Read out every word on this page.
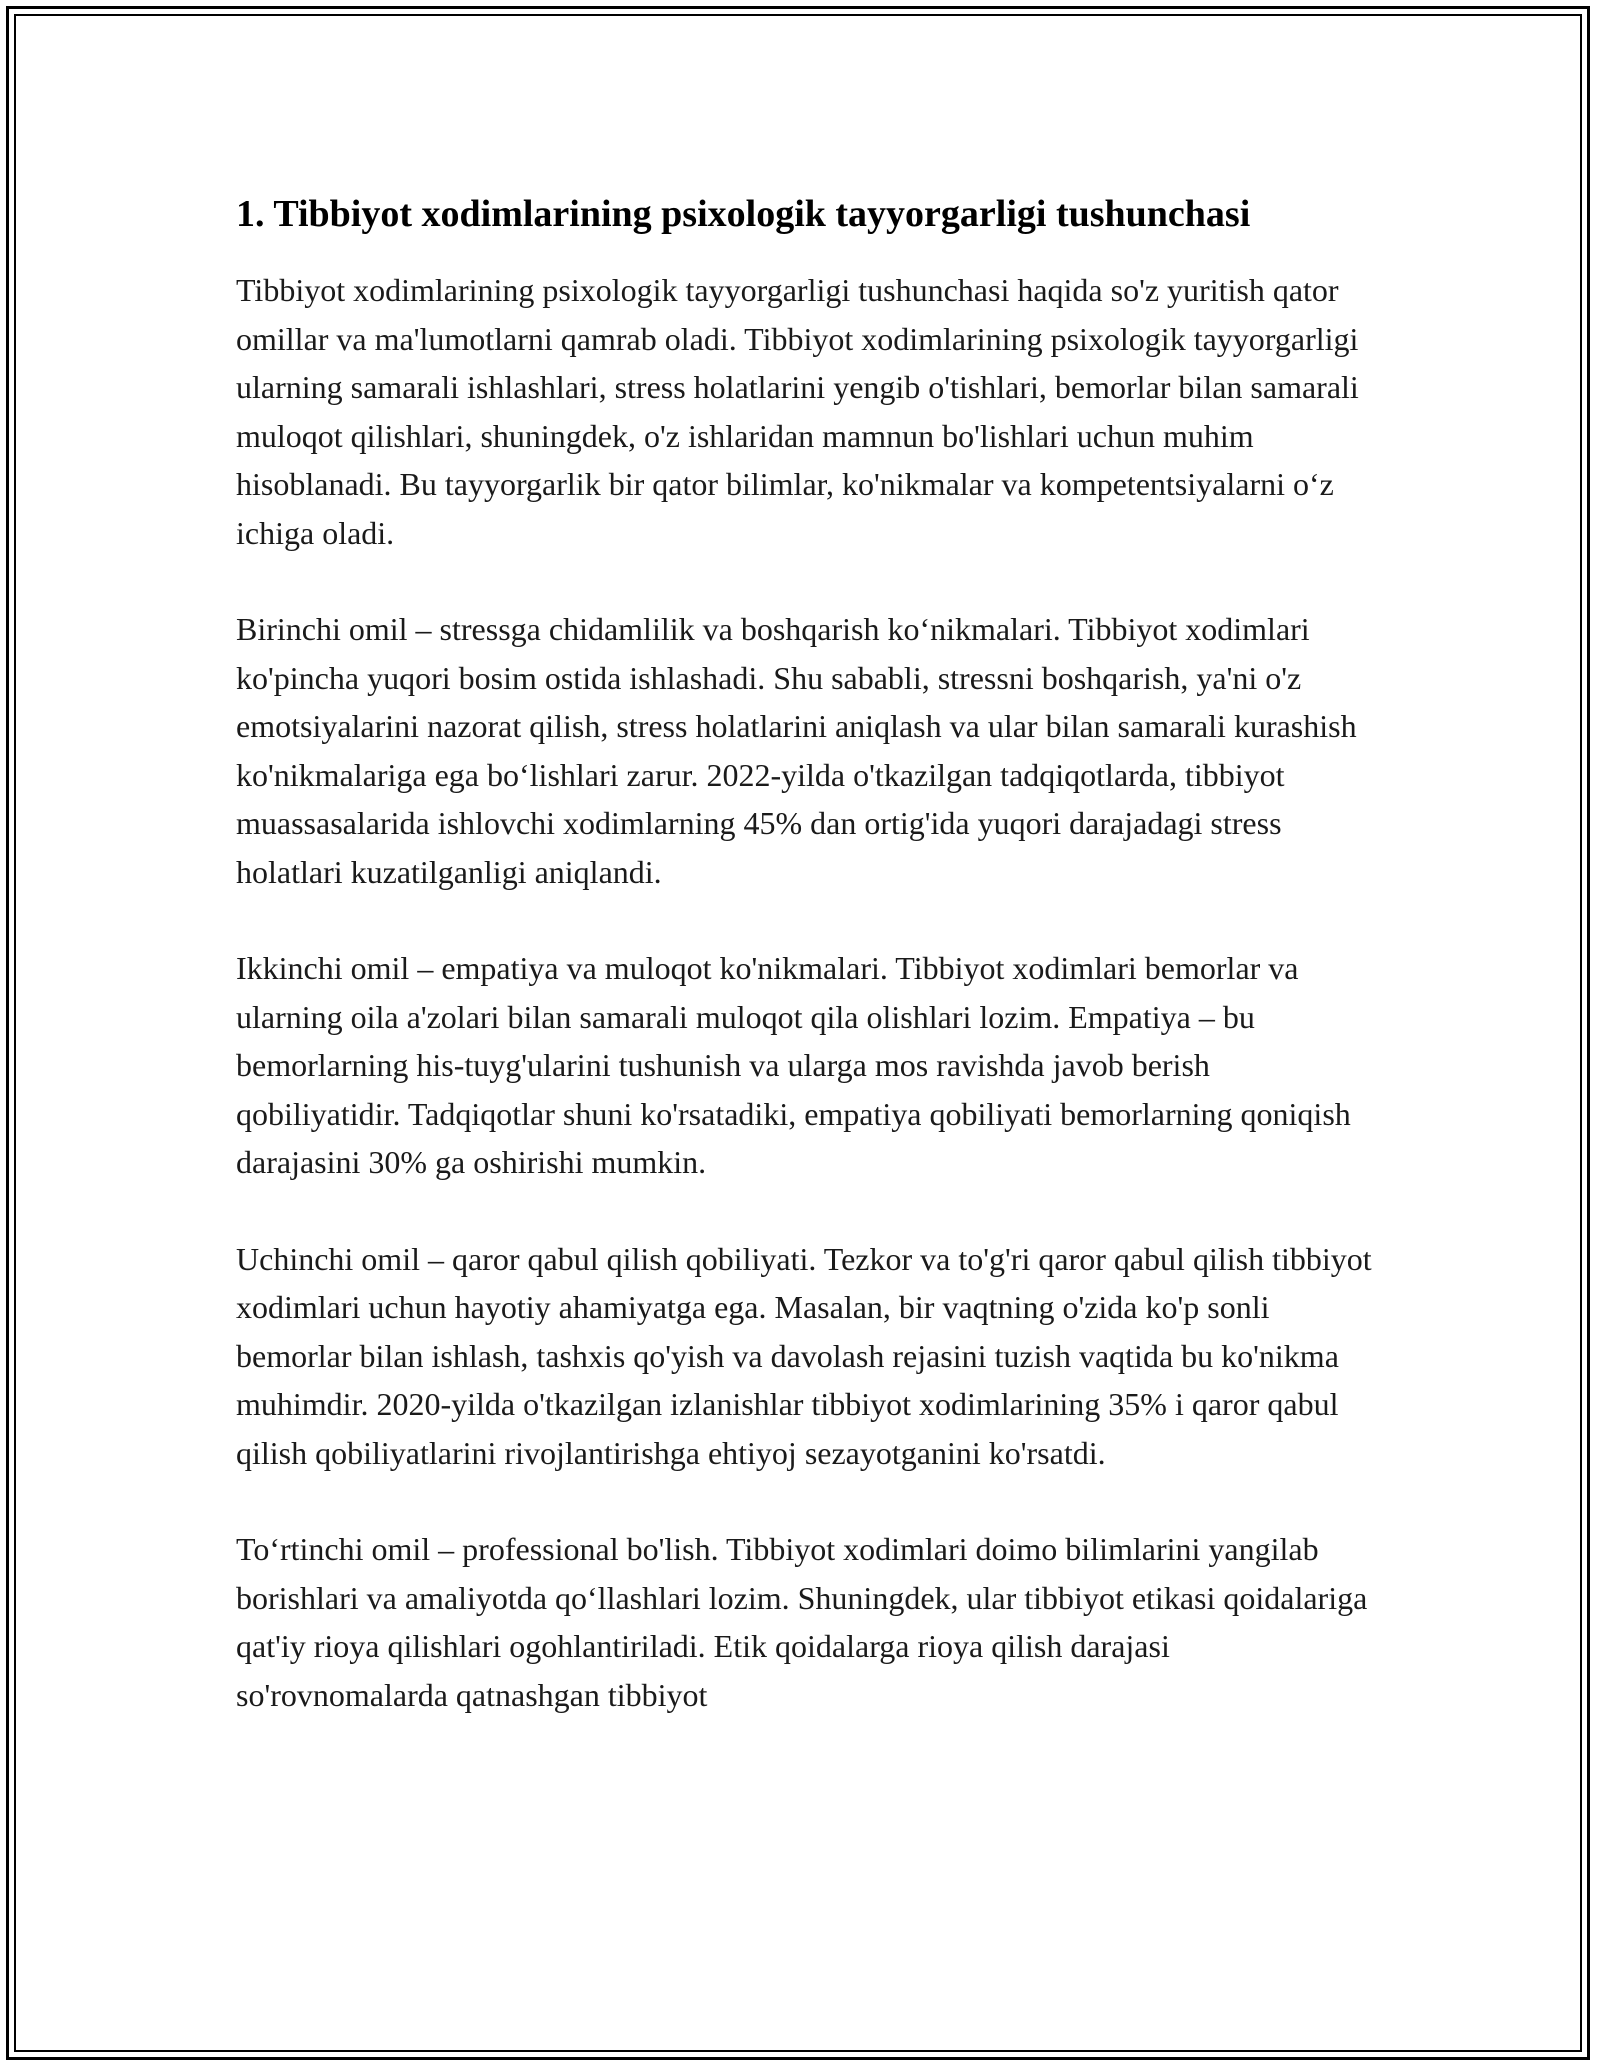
1. Tibbiyot xodimlarining psixologik tayyorgarligi tushunchasi

Tibbiyot xodimlarining psixologik tayyorgarligi tushunchasi haqida so'z yuritish qator omillar va ma'lumotlarni qamrab oladi. Tibbiyot xodimlarining psixologik tayyorgarligi ularning samarali ishlashlari, stress holatlarini yengib o'tishlari, bemorlar bilan samarali muloqot qilishlari, shuningdek, o'z ishlaridan mamnun bo'lishlari uchun muhim hisoblanadi. Bu tayyorgarlik bir qator bilimlar, ko'nikmalar va kompetentsiyalarni o‘z ichiga oladi.

Birinchi omil – stressga chidamlilik va boshqarish ko‘nikmalari. Tibbiyot xodimlari ko'pincha yuqori bosim ostida ishlashadi. Shu sababli, stressni boshqarish, ya'ni o'z emotsiyalarini nazorat qilish, stress holatlarini aniqlash va ular bilan samarali kurashish ko'nikmalariga ega bo‘lishlari zarur. 2022-yilda o'tkazilgan tadqiqotlarda, tibbiyot muassasalarida ishlovchi xodimlarning 45% dan ortig'ida yuqori darajadagi stress holatlari kuzatilganligi aniqlandi.

Ikkinchi omil – empatiya va muloqot ko'nikmalari. Tibbiyot xodimlari bemorlar va ularning oila a'zolari bilan samarali muloqot qila olishlari lozim. Empatiya – bu bemorlarning his-tuyg'ularini tushunish va ularga mos ravishda javob berish qobiliyatidir. Tadqiqotlar shuni ko'rsatadiki, empatiya qobiliyati bemorlarning qoniqish darajasini 30% ga oshirishi mumkin.

Uchinchi omil – qaror qabul qilish qobiliyati. Tezkor va to'g'ri qaror qabul qilish tibbiyot xodimlari uchun hayotiy ahamiyatga ega. Masalan, bir vaqtning o'zida ko'p sonli bemorlar bilan ishlash, tashxis qo'yish va davolash rejasini tuzish vaqtida bu ko'nikma muhimdir. 2020-yilda o'tkazilgan izlanishlar tibbiyot xodimlarining 35% i qaror qabul qilish qobiliyatlarini rivojlantirishga ehtiyoj sezayotganini ko'rsatdi.

To‘rtinchi omil – professional bo'lish. Tibbiyot xodimlari doimo bilimlarini yangilab borishlari va amaliyotda qo‘llashlari lozim. Shuningdek, ular tibbiyot etikasi qoidalariga qat'iy rioya qilishlari ogohlantiriladi. Etik qoidalarga rioya qilish darajasi so'rovnomalarda qatnashgan tibbiyot
